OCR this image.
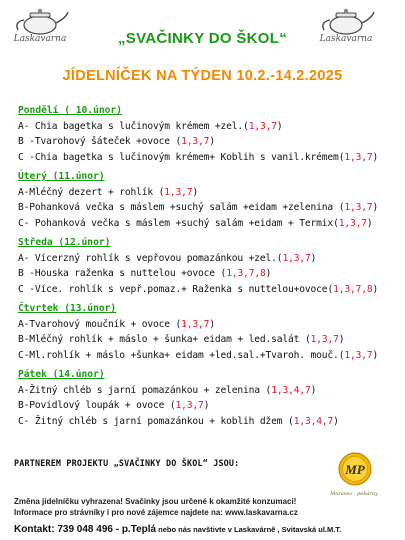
Laskavarna	Laskavarna
„SVAČINKY DO ŠKOL“
JÍDELNÍČEK NA TÝDEN 10.2.-14.2.2025
Pondělí ( 10.únor)
A- Chia bagetka s lučinovým krémem +zel.(1,3,7)
B -Tvarohový šáteček +ovoce (1,3,7)
C -Chia bagetka s lučinovým krémem+ Koblih s vanil.krémem(1,3,7)
Úterý (11.únor)
A-Mléčný dezert + rohlík (1,3,7)
B-Pohanková večka s máslem +suchý salám +eidam +zelenina (1,3,7)
C- Pohanková večka s máslem +suchý salám +eidam + Termix(1,3,7)
Středa (12.únor)
A- Vícerzný rohlík s vepřovou pomazánkou +zel.(1,3,7)
B -Houska raženka s nuttelou +ovoce (1,3,7,8)
C -Více. rohlík s vepř.pomaz.+ Raženka s nuttelou+ovoce(1,3,7,8)
Čtvrtek (13.únor)
A-Tvarohový moučník + ovoce (1,3,7)
B-Mléčný rohlík + máslo + šunka+ eidam + led.salát (1,3,7)
C-Ml.rohlík + máslo +šunka+ eidam +led.sal.+Tvaroh. mouč.(1,3,7)
Pátek (14.únor)
A-Žitný chléb s jarní pomazánkou + zelenina (1,3,4,7)
B-Povidlový loupák + ovoce (1,3,7)
C- Žitný chléb s jarní pomazánkou + koblih džem (1,3,4,7)
PARTNEREM PROJEKTU „SVAČINKY DO ŠKOL“ JSOU:	MP
Moravec - pekárny
Změna jídelníčku vyhrazena! Svačinky jsou určené k okamžité konzumaci!
Informace pro strávníky i pro nové zájemce najdete na: www.laskavarna.cz
Kontakt: 739 048 496 - p.Teplá nebo nás navštivte v Laskavárně , Svitavská ul.M.T.
